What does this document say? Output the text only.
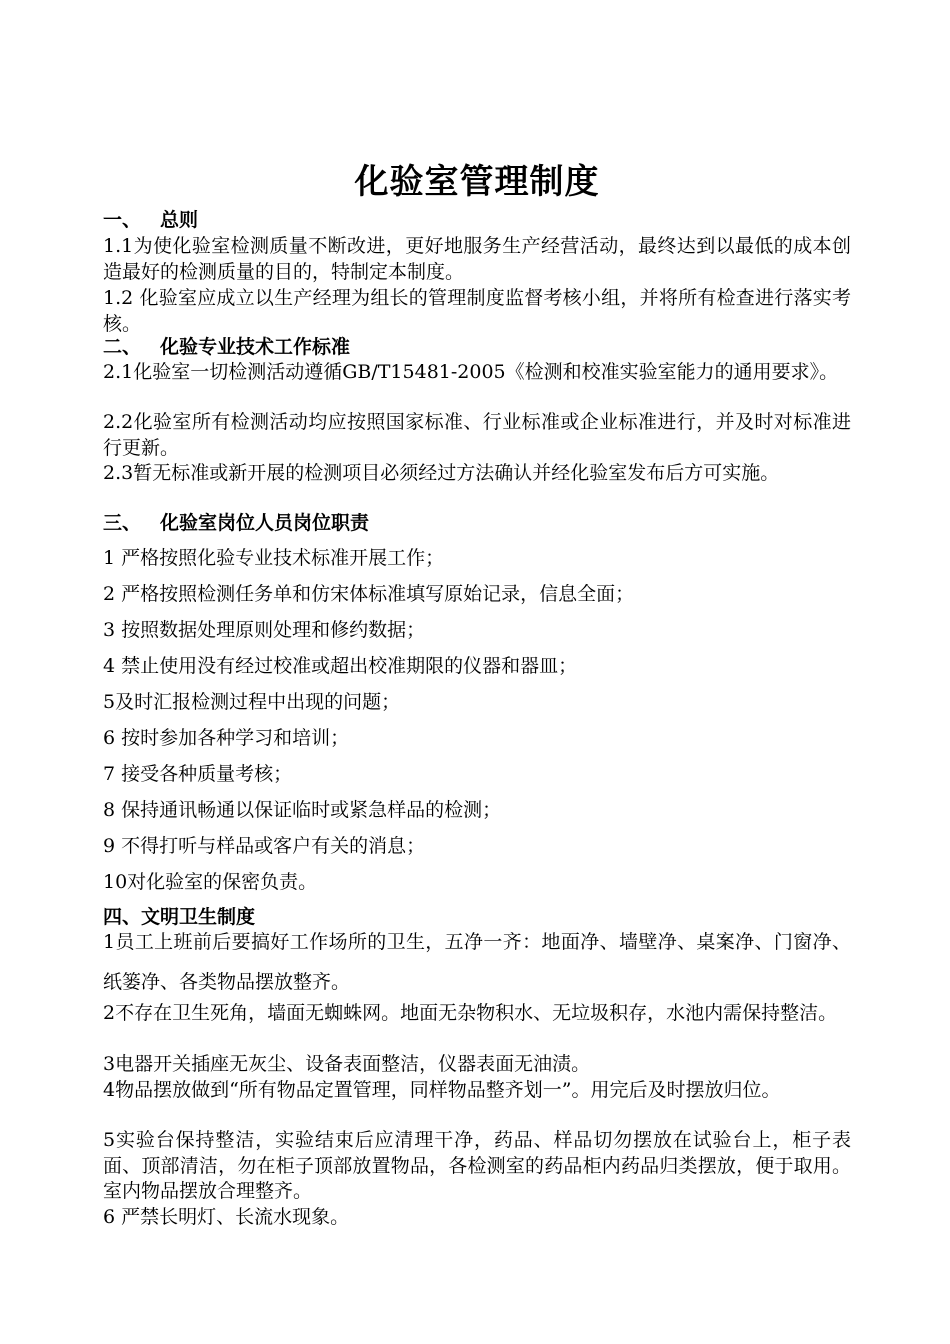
化验室管理制度
一、 总则
1.1为使化验室检测质量不断改进，更好地服务生产经营活动，最终达到以最低的成本创造最好的检测质量的目的，特制定本制度。
1.2 化验室应成立以生产经理为组长的管理制度监督考核小组，并将所有检查进行落实考核。
二、 化验专业技术工作标准
2.1化验室一切检测活动遵循GB/T15481-2005《检测和校准实验室能力的通用要求》。
2.2化验室所有检测活动均应按照国家标准、行业标准或企业标准进行，并及时对标准进行更新。
2.3暂无标准或新开展的检测项目必须经过方法确认并经化验室发布后方可实施。
三、 化验室岗位人员岗位职责
1 严格按照化验专业技术标准开展工作；
2 严格按照检测任务单和仿宋体标准填写原始记录，信息全面；
3 按照数据处理原则处理和修约数据；
4 禁止使用没有经过校准或超出校准期限的仪器和器皿；
5及时汇报检测过程中出现的问题；
6 按时参加各种学习和培训；
7 接受各种质量考核；
8 保持通讯畅通以保证临时或紧急样品的检测；
9 不得打听与样品或客户有关的消息；
10对化验室的保密负责。
四、文明卫生制度
1员工上班前后要搞好工作场所的卫生，五净一齐：地面净、墙壁净、桌案净、门窗净、纸篓净、各类物品摆放整齐。
2不存在卫生死角，墙面无蜘蛛网。地面无杂物积水、无垃圾积存，水池内需保持整洁。
3电器开关插座无灰尘、设备表面整洁，仪器表面无油渍。
4物品摆放做到“所有物品定置管理，同样物品整齐划一”。用完后及时摆放归位。
5实验台保持整洁，实验结束后应清理干净，药品、样品切勿摆放在试验台上，柜子表面、顶部清洁，勿在柜子顶部放置物品，各检测室的药品柜内药品归类摆放，便于取用。室内物品摆放合理整齐。
6 严禁长明灯、长流水现象。
